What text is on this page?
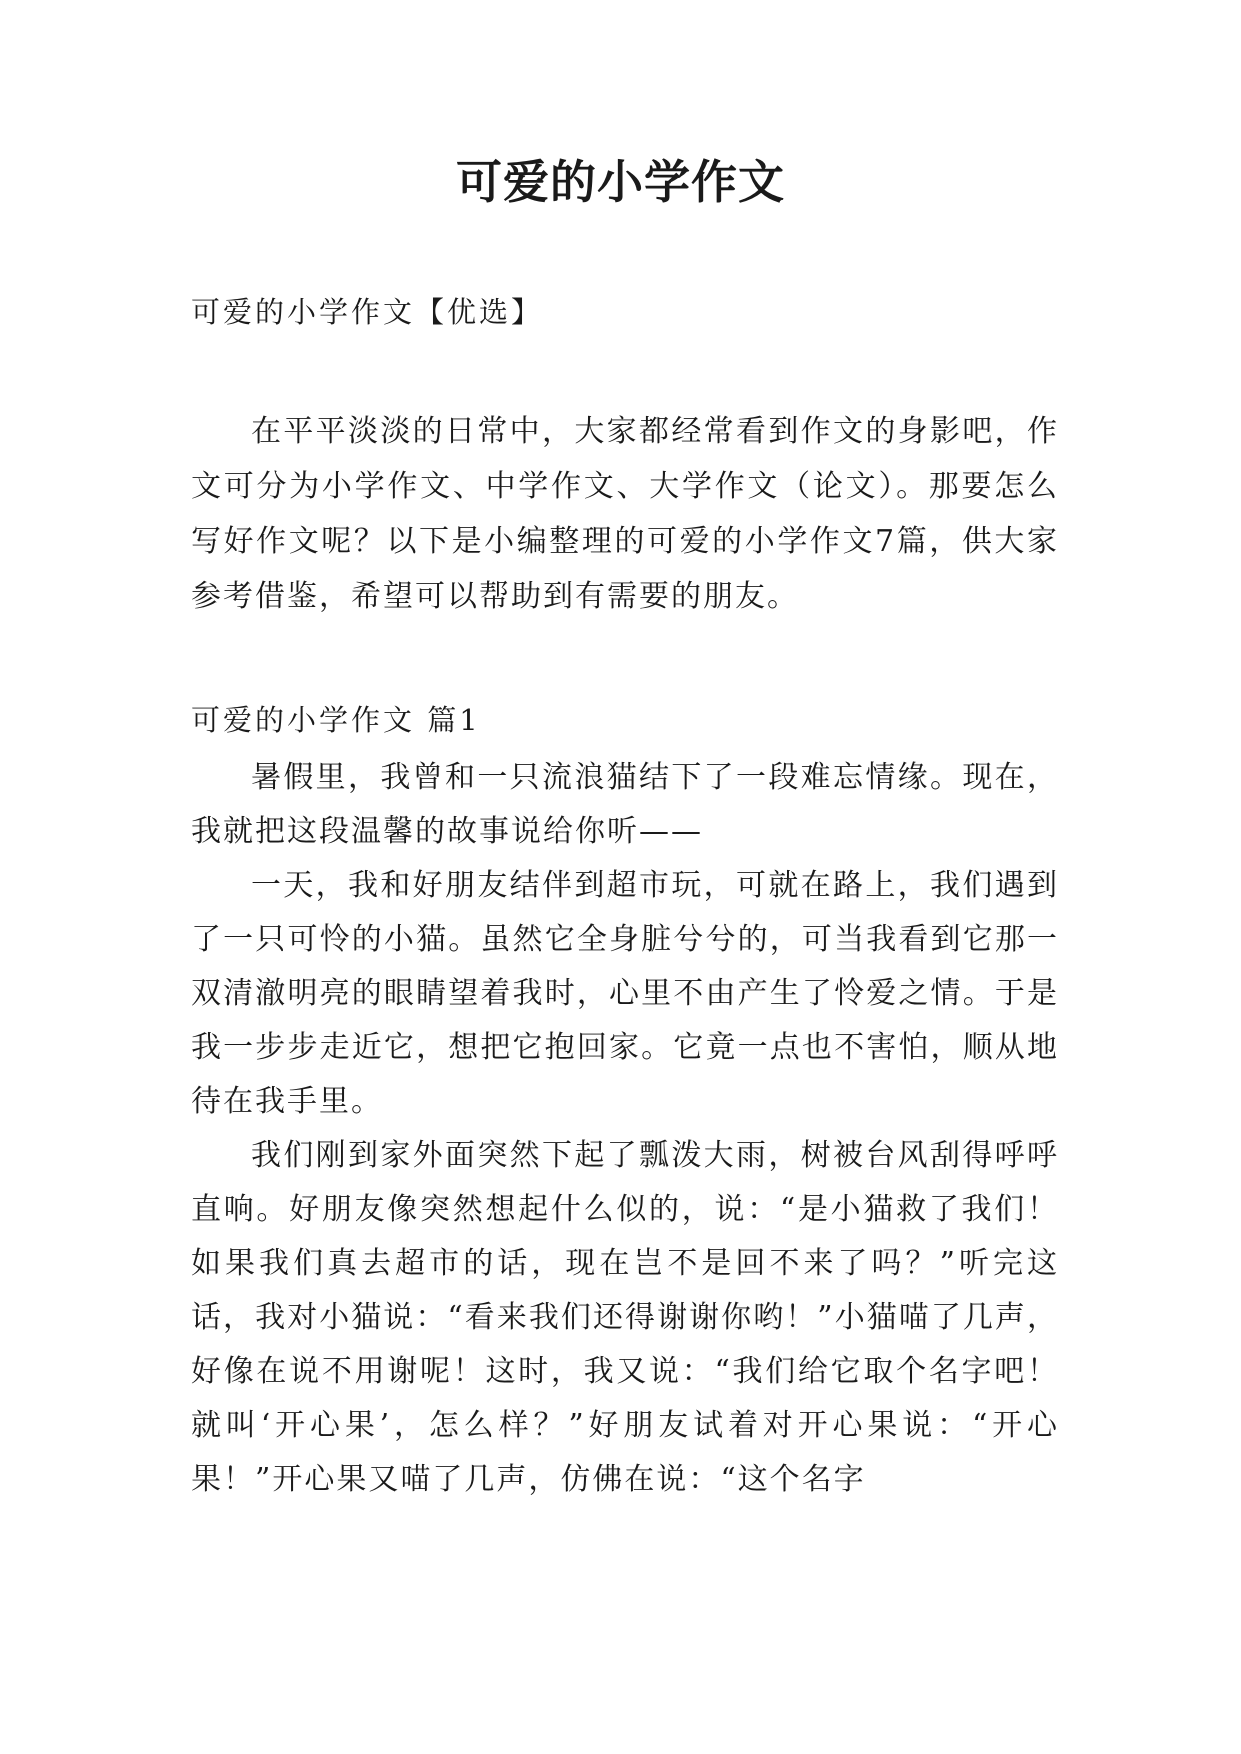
可爱的小学作文

可爱的小学作文【优选】

在平平淡淡的日常中，大家都经常看到作文的身影吧，作文可分为小学作文、中学作文、大学作文（论文）。那要怎么写好作文呢？以下是小编整理的可爱的小学作文7篇，供大家参考借鉴，希望可以帮助到有需要的朋友。

可爱的小学作文 篇1

暑假里，我曾和一只流浪猫结下了一段难忘情缘。现在，我就把这段温馨的故事说给你听——

一天，我和好朋友结伴到超市玩，可就在路上，我们遇到了一只可怜的小猫。虽然它全身脏兮兮的，可当我看到它那一双清澈明亮的眼睛望着我时，心里不由产生了怜爱之情。于是我一步步走近它，想把它抱回家。它竟一点也不害怕，顺从地待在我手里。

我们刚到家外面突然下起了瓢泼大雨，树被台风刮得呼呼直响。好朋友像突然想起什么似的，说：“是小猫救了我们！如果我们真去超市的话，现在岂不是回不来了吗？”听完这话，我对小猫说：“看来我们还得谢谢你哟！”小猫喵了几声，好像在说不用谢呢！这时，我又说：“我们给它取个名字吧！就叫‘开心果’，怎么样？”好朋友试着对开心果说：“开心果！”开心果又喵了几声，仿佛在说：“这个名字
